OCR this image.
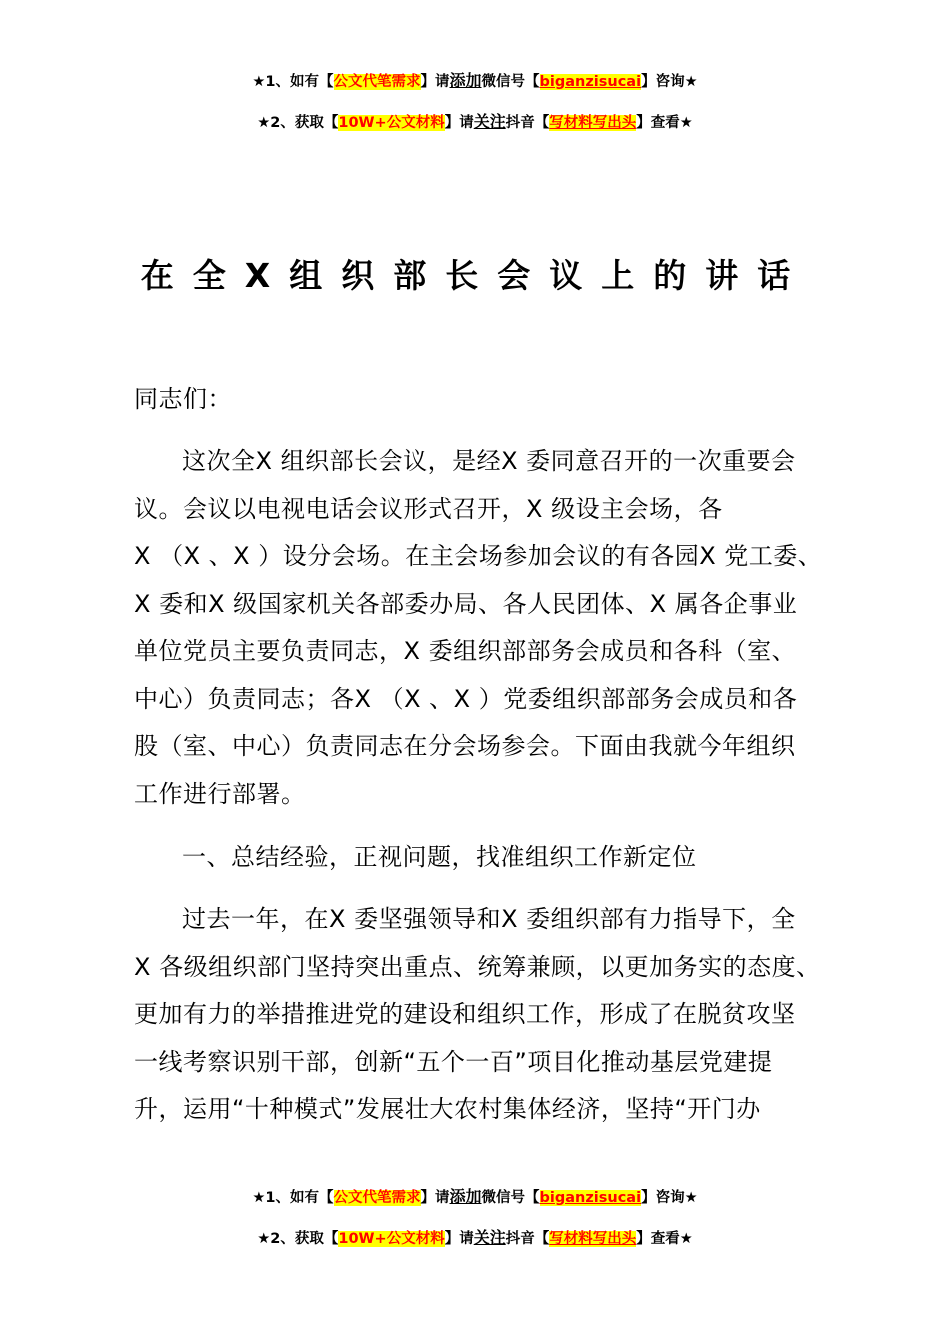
★1、如有【公文代笔需求】请添加微信号【biganzisucai】咨询★
★2、获取【10W+公文材料】请关注抖音【写材料写出头】查看★
在全X组织部长会议上的讲话
同志们：
这次全X 组织部长会议，是经X 委同意召开的一次重要会
议。会议以电视电话会议形式召开，X 级设主会场，各
X （X 、X ）设分会场。在主会场参加会议的有各园X 党工委、
X 委和X 级国家机关各部委办局、各人民团体、X 属各企事业
单位党员主要负责同志，X 委组织部部务会成员和各科（室、
中心）负责同志；各X （X 、X ）党委组织部部务会成员和各
股（室、中心）负责同志在分会场参会。下面由我就今年组织
工作进行部署。
一、总结经验，正视问题，找准组织工作新定位
过去一年，在X 委坚强领导和X 委组织部有力指导下，全
X 各级组织部门坚持突出重点、统筹兼顾，以更加务实的态度、
更加有力的举措推进党的建设和组织工作，形成了在脱贫攻坚
一线考察识别干部，创新“五个一百”项目化推动基层党建提
升，运用“十种模式”发展壮大农村集体经济，坚持“开门办
★1、如有【公文代笔需求】请添加微信号【biganzisucai】咨询★
★2、获取【10W+公文材料】请关注抖音【写材料写出头】查看★
